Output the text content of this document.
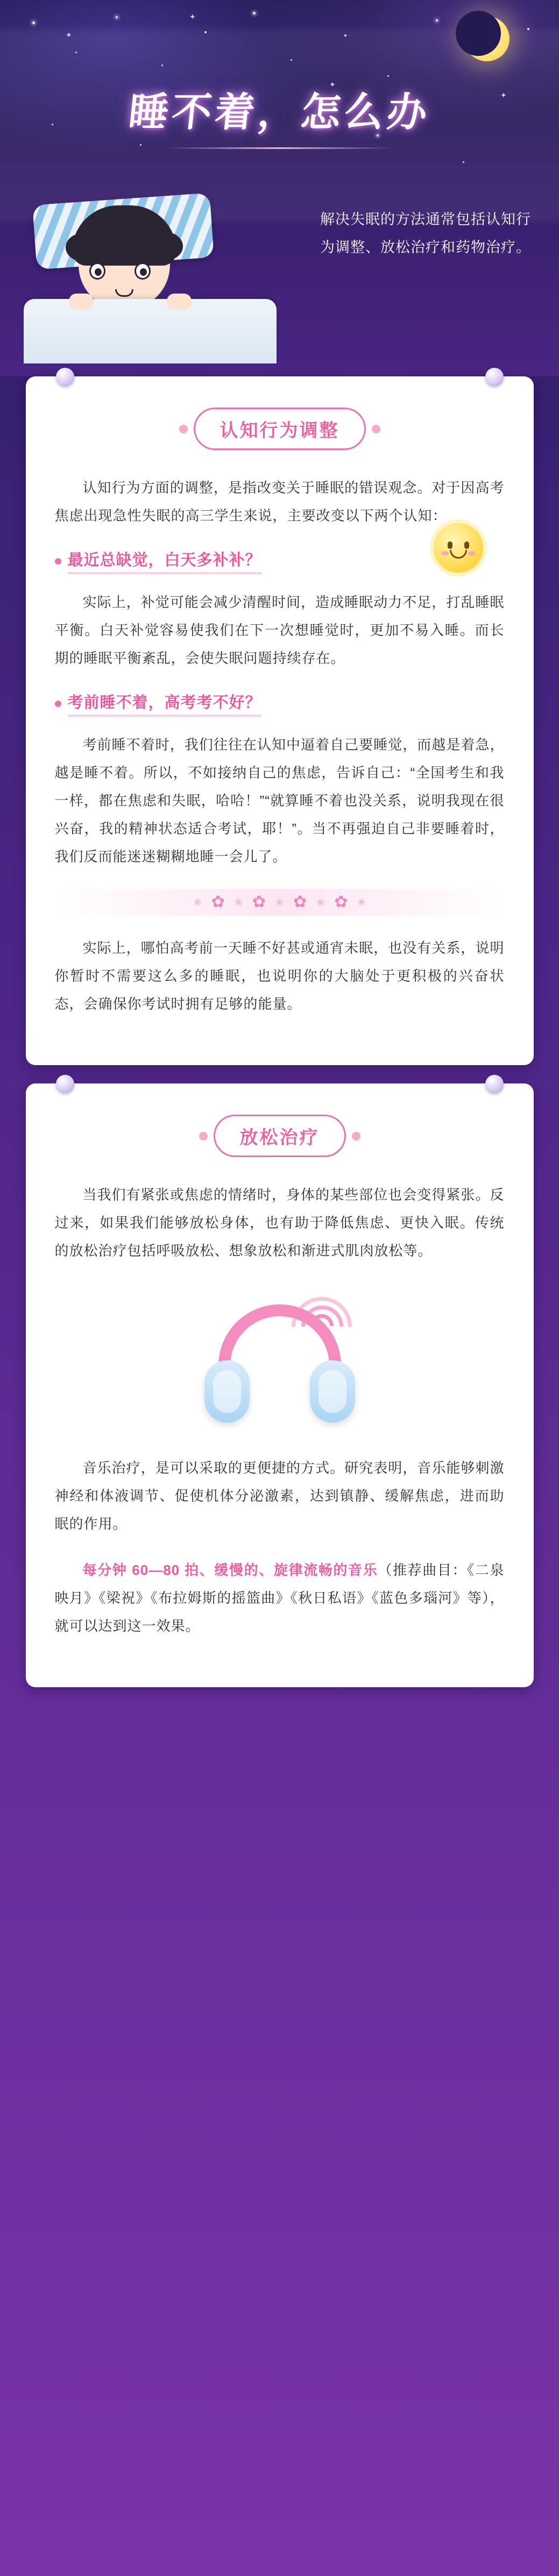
✦
✦
✦
✦
睡不着，怎么办
解决失眠的方法通常包括认知行为调整、放松治疗和药物治疗。
认知行为调整

认知行为方面的调整，是指改变关于睡眠的错误观念。对于因高考焦虑出现急性失眠的高三学生来说，主要改变以下两个认知：

最近总缺觉，白天多补补？

实际上，补觉可能会减少清醒时间，造成睡眠动力不足，打乱睡眠平衡。白天补觉容易使我们在下一次想睡觉时，更加不易入睡。而长期的睡眠平衡紊乱，会使失眠问题持续存在。

考前睡不着，高考考不好？

考前睡不着时，我们往往在认知中逼着自己要睡觉，而越是着急，越是睡不着。所以，不如接纳自己的焦虑，告诉自己：“全国考生和我一样，都在焦虑和失眠，哈哈！”“就算睡不着也没关系，说明我现在很兴奋，我的精神状态适合考试，耶！”。当不再强迫自己非要睡着时，我们反而能迷迷糊糊地睡一会儿了。

❀ ✿ ❀ ✿ ❀ ✿ ❀ ✿ ❀

实际上，哪怕高考前一天睡不好甚或通宵未眠，也没有关系，说明你暂时不需要这么多的睡眠，也说明你的大脑处于更积极的兴奋状态，会确保你考试时拥有足够的能量。

放松治疗

当我们有紧张或焦虑的情绪时，身体的某些部位也会变得紧张。反过来，如果我们能够放松身体，也有助于降低焦虑、更快入眠。传统的放松治疗包括呼吸放松、想象放松和渐进式肌肉放松等。

音乐治疗，是可以采取的更便捷的方式。研究表明，音乐能够刺激神经和体液调节、促使机体分泌激素，达到镇静、缓解焦虑，进而助眠的作用。

每分钟 60—80 拍、缓慢的、旋律流畅的音乐（推荐曲目：《二泉映月》《梁祝》《布拉姆斯的摇篮曲》《秋日私语》《蓝色多瑙河》等），就可以达到这一效果。
